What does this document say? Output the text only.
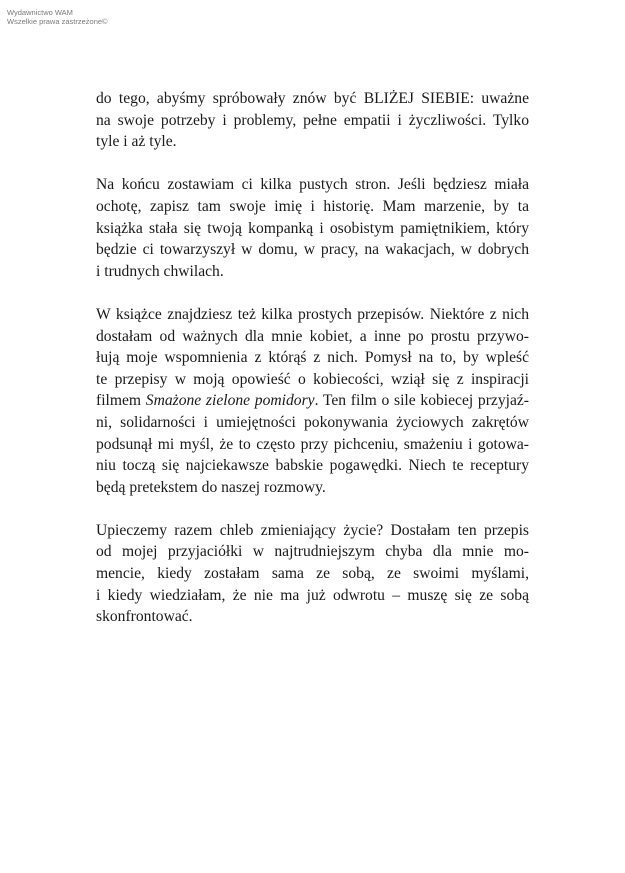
Wydawnictwo WAM
Wszelkie prawa zastrzeżone©
do tego, abyśmy spróbowały znów być BLIŻEJ SIEBIE: uważne
na swoje potrzeby i problemy, pełne empatii i życzliwości. Tylko
tyle i aż tyle.
Na końcu zostawiam ci kilka pustych stron. Jeśli będziesz miała
ochotę, zapisz tam swoje imię i historię. Mam marzenie, by ta
książka stała się twoją kompanką i osobistym pamiętnikiem, który
będzie ci towarzyszył w domu, w pracy, na wakacjach, w dobrych
i trudnych chwilach.
W książce znajdziesz też kilka prostych przepisów. Niektóre z nich
dostałam od ważnych dla mnie kobiet, a inne po prostu przywo-
łują moje wspomnienia z którąś z nich. Pomysł na to, by wpleść
te przepisy w moją opowieść o kobiecości, wziął się z inspiracji
filmem Smażone zielone pomidory. Ten film o sile kobiecej przyjaź-
ni, solidarności i umiejętności pokonywania życiowych zakrętów
podsunął mi myśl, że to często przy pichceniu, smażeniu i gotowa-
niu toczą się najciekawsze babskie pogawędki. Niech te receptury
będą pretekstem do naszej rozmowy.
Upieczemy razem chleb zmieniający życie? Dostałam ten przepis
od mojej przyjaciółki w najtrudniejszym chyba dla mnie mo-
mencie, kiedy zostałam sama ze sobą, ze swoimi myślami,
i kiedy wiedziałam, że nie ma już odwrotu – muszę się ze sobą
skonfrontować.
